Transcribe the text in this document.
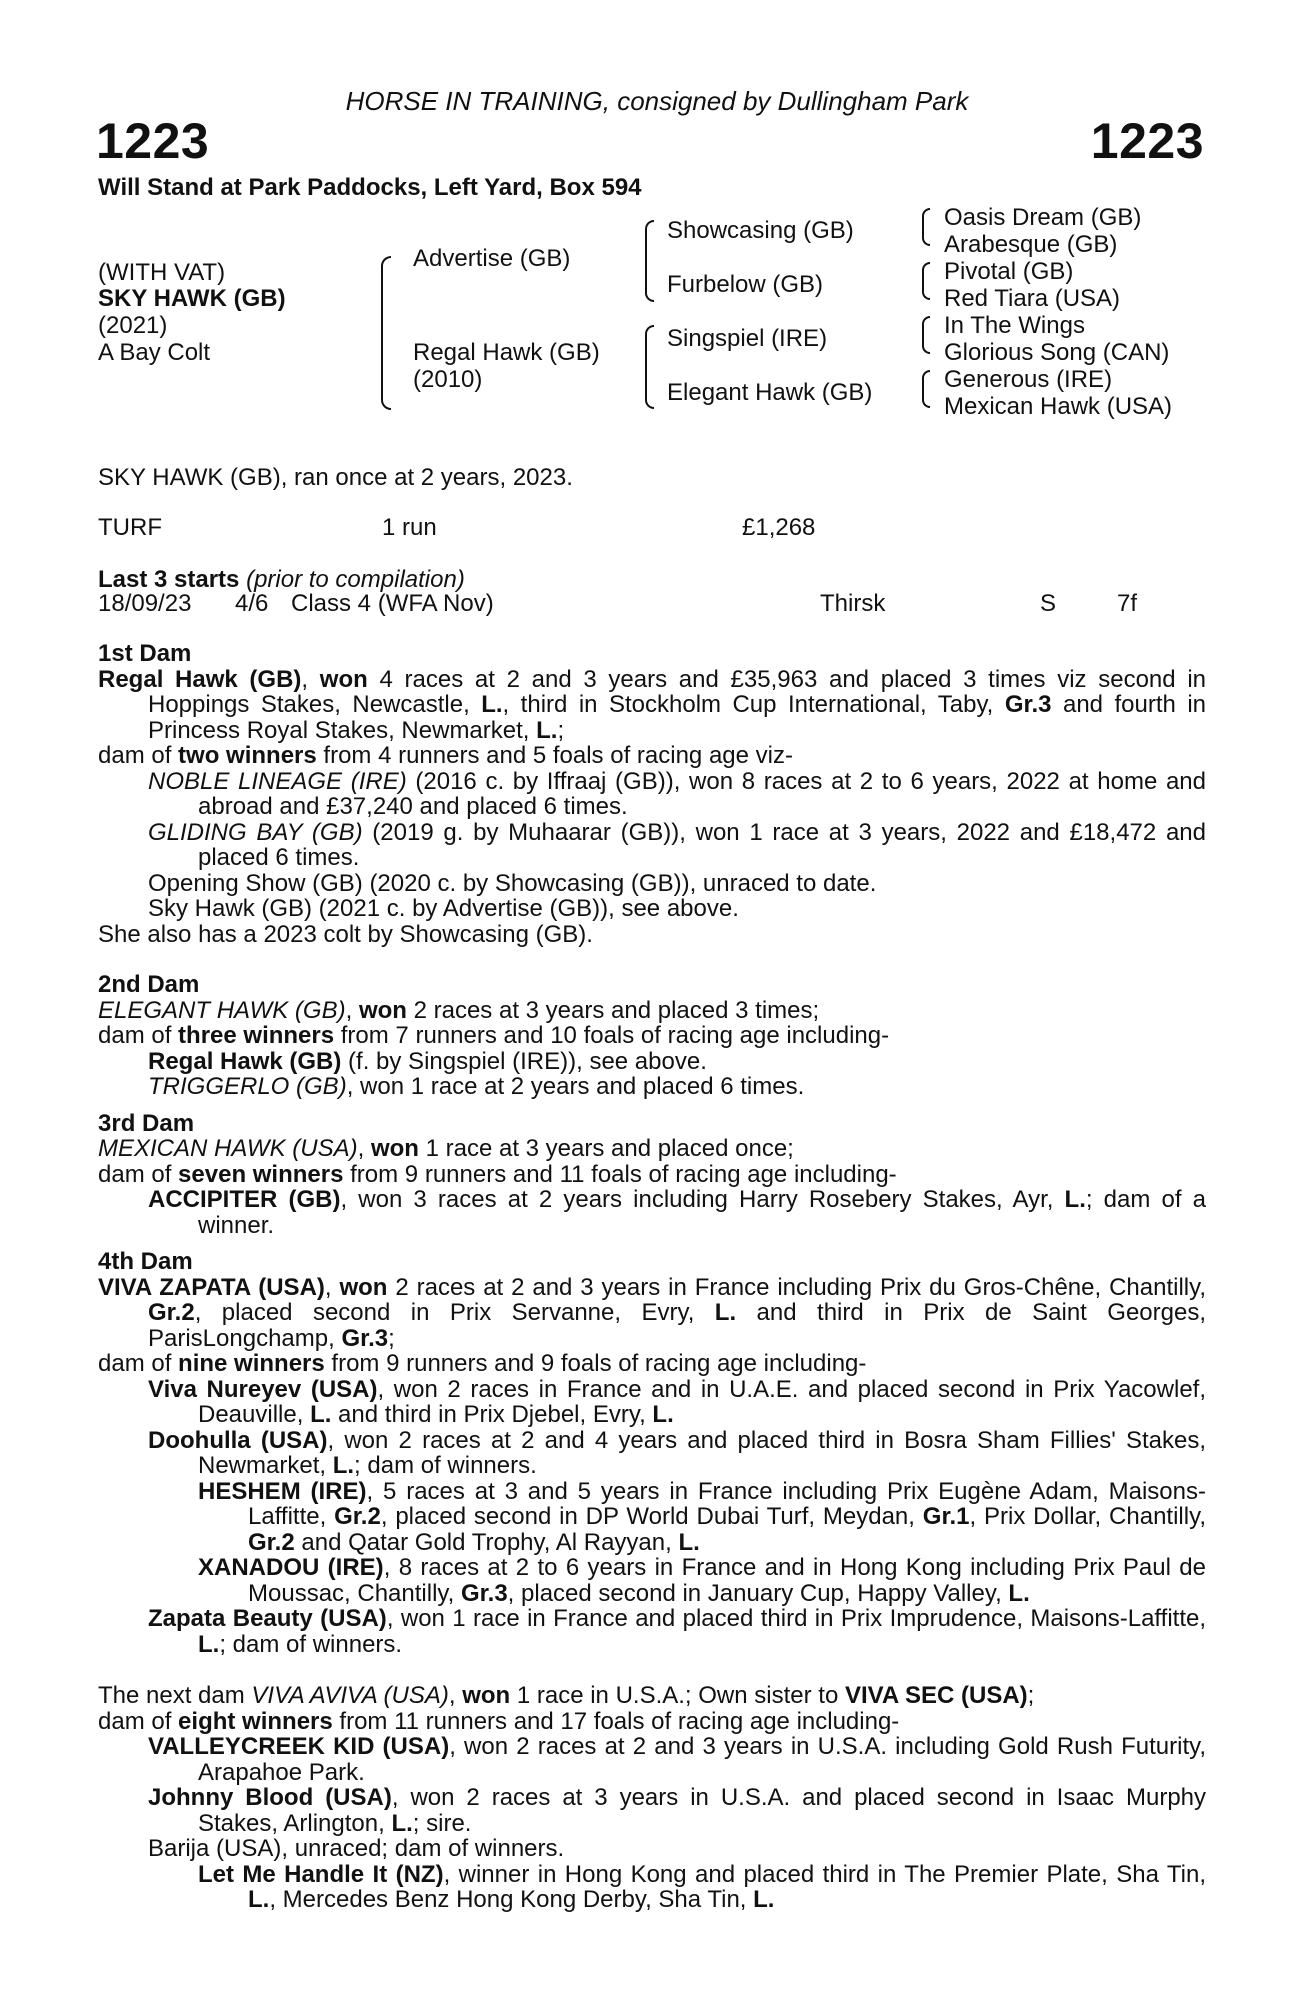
HORSE IN TRAINING, consigned by Dullingham Park
1223	1223
Will Stand at Park Paddocks, Left Yard, Box 594
(WITH VAT)
SKY HAWK (GB)
(2021)
A Bay Colt
Advertise (GB)
Regal Hawk (GB)
(2010)
Showcasing (GB)
Furbelow (GB)
Singspiel (IRE)
Elegant Hawk (GB)
Oasis Dream (GB)
Arabesque (GB)
Pivotal (GB)
Red Tiara (USA)
In The Wings
Glorious Song (CAN)
Generous (IRE)
Mexican Hawk (USA)
SKY HAWK (GB), ran once at 2 years, 2023.
TURF	1 run	£1,268
Last 3 starts (prior to compilation)
18/09/23 4/6 Class 4 (WFA Nov)	Thirsk	S	7f
1st Dam

Regal Hawk (GB), won 4 races at 2 and 3 years and £35,963 and placed 3 times viz second in Hoppings Stakes, Newcastle, L., third in Stockholm Cup International, Taby, Gr.3 and fourth in Princess Royal Stakes, Newmarket, L.;

dam of two winners from 4 runners and 5 foals of racing age viz-

NOBLE LINEAGE (IRE) (2016 c. by Iffraaj (GB)), won 8 races at 2 to 6 years, 2022 at home and abroad and £37,240 and placed 6 times.

GLIDING BAY (GB) (2019 g. by Muhaarar (GB)), won 1 race at 3 years, 2022 and £18,472 and placed 6 times.

Opening Show (GB) (2020 c. by Showcasing (GB)), unraced to date.

Sky Hawk (GB) (2021 c. by Advertise (GB)), see above.

She also has a 2023 colt by Showcasing (GB).

2nd Dam

ELEGANT HAWK (GB), won 2 races at 3 years and placed 3 times;

dam of three winners from 7 runners and 10 foals of racing age including-

Regal Hawk (GB) (f. by Singspiel (IRE)), see above.

TRIGGERLO (GB), won 1 race at 2 years and placed 6 times.

3rd Dam

MEXICAN HAWK (USA), won 1 race at 3 years and placed once;

dam of seven winners from 9 runners and 11 foals of racing age including-

ACCIPITER (GB), won 3 races at 2 years including Harry Rosebery Stakes, Ayr, L.; dam of a winner.

4th Dam

VIVA ZAPATA (USA), won 2 races at 2 and 3 years in France including Prix du Gros-Chêne, Chantilly, Gr.2, placed second in Prix Servanne, Evry, L. and third in Prix de Saint Georges, ParisLongchamp, Gr.3;

dam of nine winners from 9 runners and 9 foals of racing age including-

Viva Nureyev (USA), won 2 races in France and in U.A.E. and placed second in Prix Yacowlef, Deauville, L. and third in Prix Djebel, Evry, L.

Doohulla (USA), won 2 races at 2 and 4 years and placed third in Bosra Sham Fillies' Stakes, Newmarket, L.; dam of winners.

HESHEM (IRE), 5 races at 3 and 5 years in France including Prix Eugène Adam, Maisons-Laffitte, Gr.2, placed second in DP World Dubai Turf, Meydan, Gr.1, Prix Dollar, Chantilly, Gr.2 and Qatar Gold Trophy, Al Rayyan, L.

XANADOU (IRE), 8 races at 2 to 6 years in France and in Hong Kong including Prix Paul de Moussac, Chantilly, Gr.3, placed second in January Cup, Happy Valley, L.

Zapata Beauty (USA), won 1 race in France and placed third in Prix Imprudence, Maisons-Laffitte, L.; dam of winners.

The next dam VIVA AVIVA (USA), won 1 race in U.S.A.; Own sister to VIVA SEC (USA);

dam of eight winners from 11 runners and 17 foals of racing age including-

VALLEYCREEK KID (USA), won 2 races at 2 and 3 years in U.S.A. including Gold Rush Futurity, Arapahoe Park.

Johnny Blood (USA), won 2 races at 3 years in U.S.A. and placed second in Isaac Murphy Stakes, Arlington, L.; sire.

Barija (USA), unraced; dam of winners.

Let Me Handle It (NZ), winner in Hong Kong and placed third in The Premier Plate, Sha Tin, L., Mercedes Benz Hong Kong Derby, Sha Tin, L.
